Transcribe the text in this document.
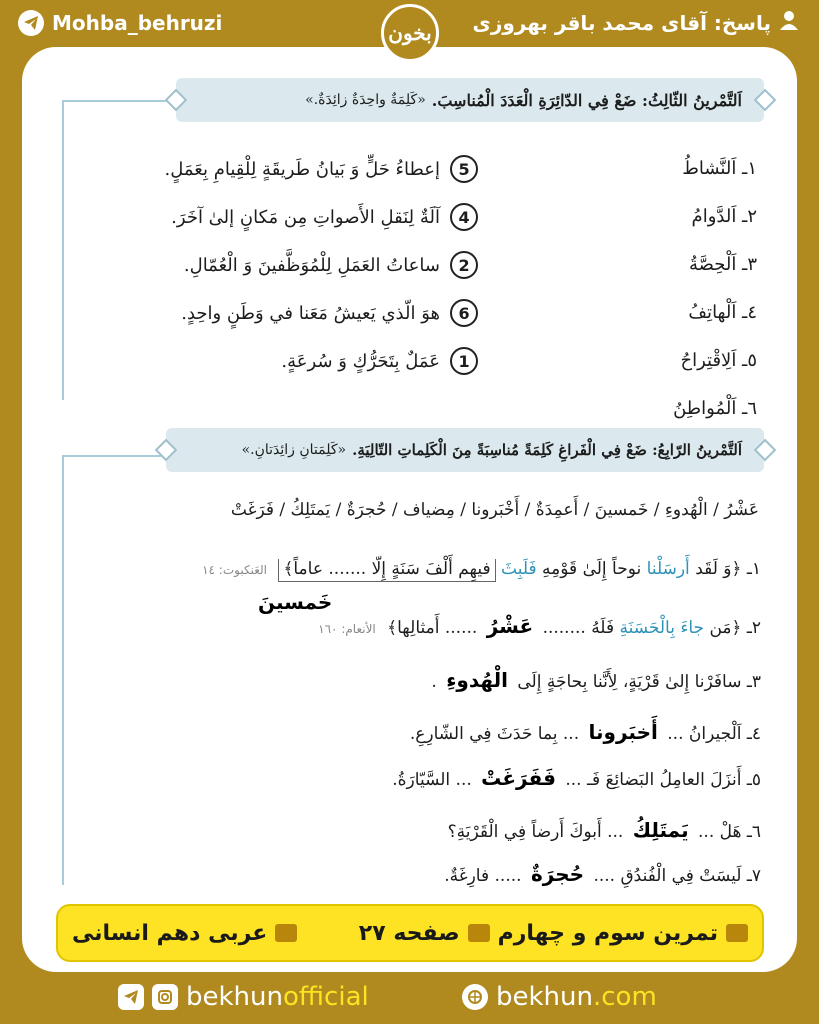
Mohba_behruzi	پاسخ: آقای محمد باقر بهروزی
بخون
اَلتَّمْرينُ الثّالِثُ: ضَعْ فِي الدّائِرَةِ الْعَدَدَ الْمُناسِبَ.
«كَلِمَةٌ واحِدَةٌ زائِدَةٌ.»
١ـ اَلنَّشاطُ
٢ـ اَلدَّوامُ
٣ـ اَلْحِصَّةُ
٤ـ اَلْهاتِفُ
٥ـ اَلِاقْتِراحُ
٦ـ اَلْمُواطِنُ
5
إعطاءُ حَلٍّ وَ بَيانُ طَريقَةٍ لِلْقِيامِ بِعَمَلٍ.
4
آلَةٌ لِنَقلِ الأَصواتِ مِن مَكانٍ إلىٰ آخَرَ.
2
ساعاتُ العَمَلِ لِلْمُوَظَّفينَ وَ الْعُمّالِ.
6
هوَ الّذي يَعيشُ مَعَنا في وَطَنٍ واحِدٍ.
1
عَمَلٌ بِتَحَرُّكٍ وَ سُرعَةٍ.
اَلتَّمْرينُ الرّابِعُ: ضَعْ فِي الْفَراغِ كَلِمَةً مُناسِبَةً مِنَ الْكَلِماتِ التّالِيَةِ.
«كَلِمَتانِ زائِدَتانِ.»
عَشْرُ / الْهُدوءِ / خَمسينَ / أَعمِدَةٌ / أَخْبَرونا / مِضياف / حُجرَةٌ / يَمتَلِكُ / فَرَغَتْ
١ـ ﴿وَ لَقَد أَرسَلْنا نوحاً إِلَىٰ قَوْمِهِ فَلَبِثَ فيهِم أَلْفَ سَنَةٍ إِلّا ....... عاماً﴾ العَنكبوت: ١٤
خَمسينَ
٢ـ ﴿مَن جاءَ بِالْحَسَنَةِ فَلَهُ ........ عَشْرُ ...... أَمثالِها﴾ الأنعام: ١٦٠
٣ـ سافَرْنا إِلىٰ قَرْيَةٍ، لِأَنَّنا بِحاجَةٍ إِلَى الْهُدوءِ .
٤ـ اَلْجيرانُ ... أَخبَرونا ... بِما حَدَثَ فِي الشّارِعِ.
٥ـ أَنزَلَ العامِلُ البَضائِعَ فَـ ... فَفَرَغَتْ ... السَّيّارَةُ.
٦ـ هَلْ ... يَمتَلِكُ ... أَبوكَ أَرضاً فِي الْقَرْيَةِ؟
٧ـ لَيسَتْ فِي الْفُندُقِ .... حُجرَةٌ ..... فارِغَةٌ.
تمرین سوم و چهارم
صفحه ۲۷
عربی دهم انسانی
bekhunofficial	bekhun.com
